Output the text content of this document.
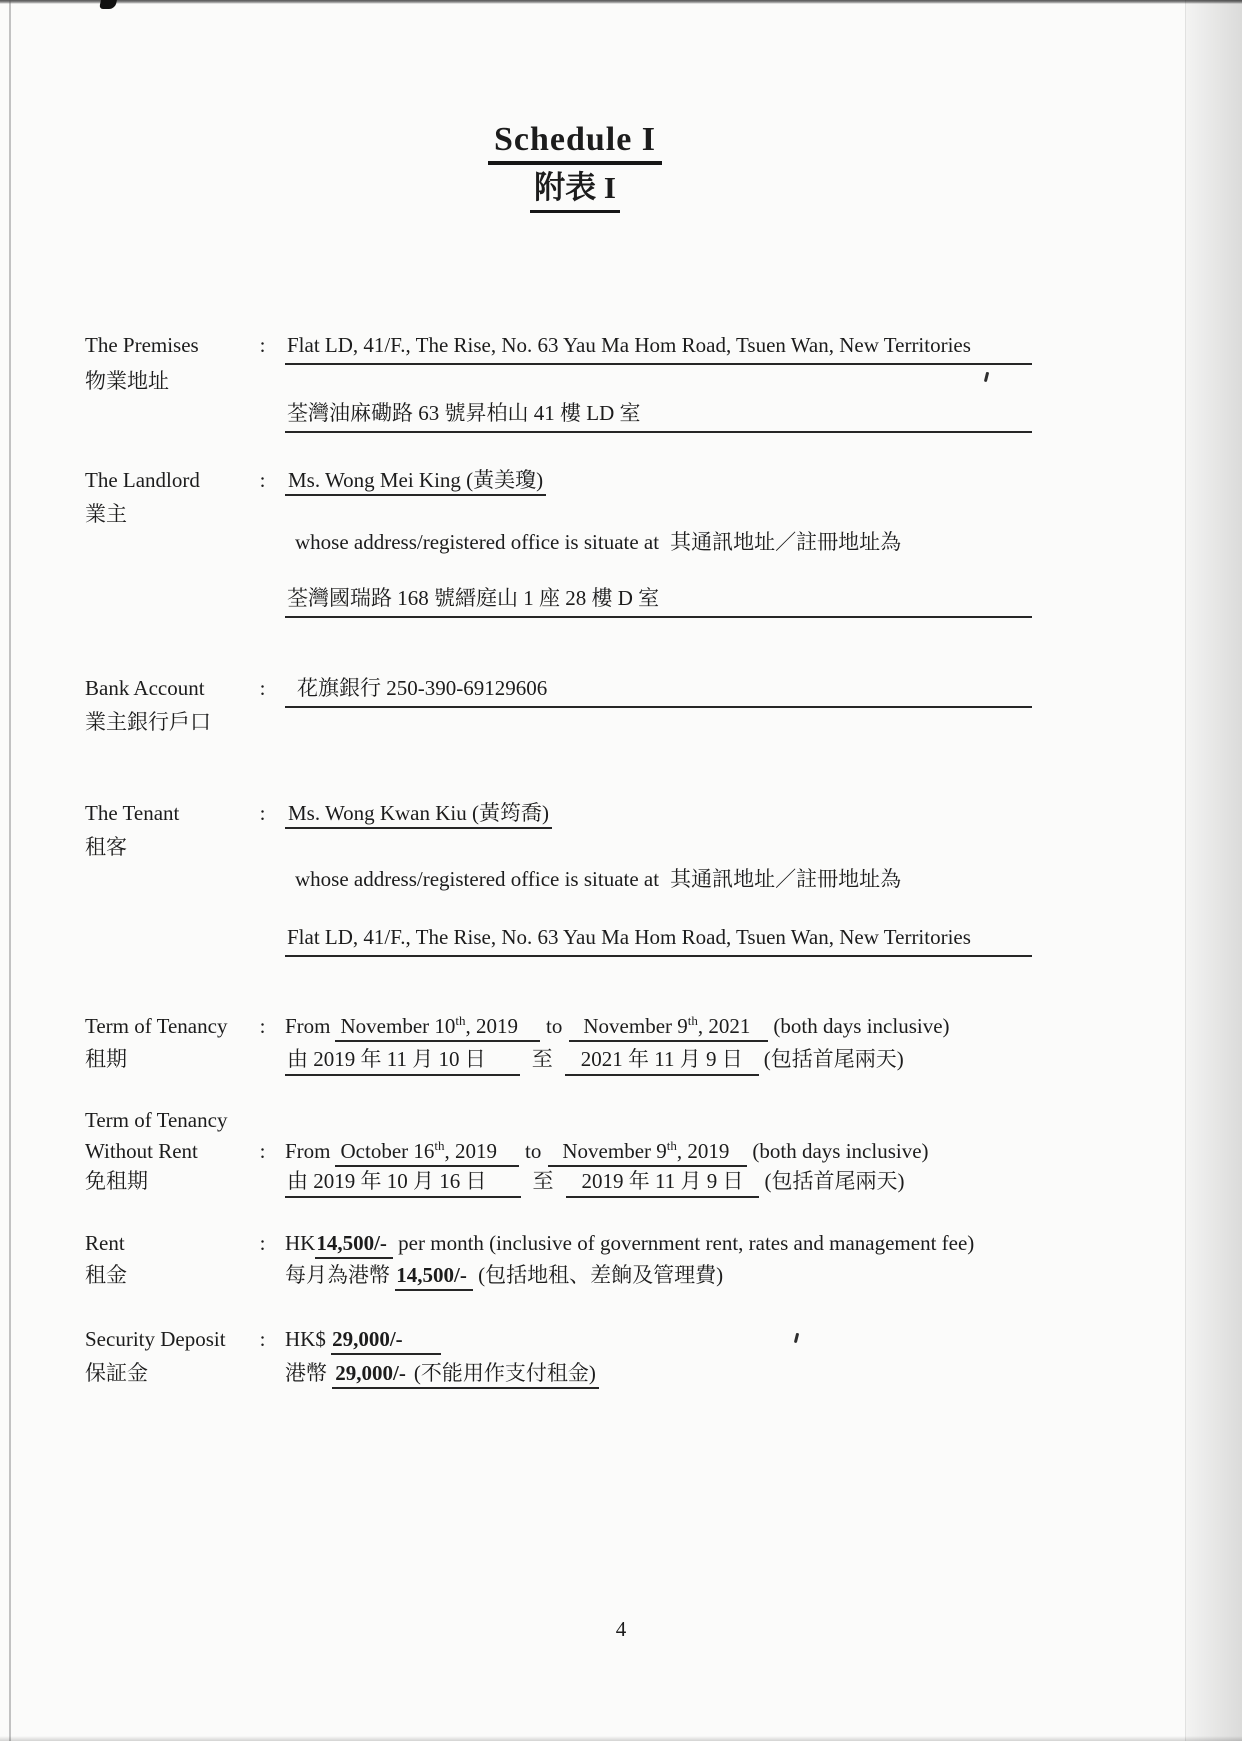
Schedule I
附表 I
The Premises	:	Flat LD, 41/F., The Rise, No. 63 Yau Ma Hom Road, Tsuen Wan, New Territories
物業地址
荃灣油麻磡路 63 號昇柏山 41 樓 LD 室
The Landlord	:	Ms. Wong Mei King (黃美瓊)
業主
whose address/registered office is situate at 其通訊地址／註冊地址為
荃灣國瑞路 168 號縉庭山 1 座 28 樓 D 室
Bank Account	:	花旗銀行 250-390-69129606
業主銀行戶口
The Tenant	:	Ms. Wong Kwan Kiu (黃筠喬)
租客
whose address/registered office is situate at 其通訊地址／註冊地址為
Flat LD, 41/F., The Rise, No. 63 Yau Ma Hom Road, Tsuen Wan, New Territories
Term of Tenancy	: From November 10th, 2019 to November 9th, 2021 (both days inclusive)
租期	由 2019 年 11 月 10 日 至 2021 年 11 月 9 日 (包括首尾兩天)
Term of Tenancy
Without Rent	: From October 16th, 2019 to November 9th, 2019 (both days inclusive)
免租期	由 2019 年 10 月 16 日 至 2019 年 11 月 9 日 (包括首尾兩天)
Rent	: HK14,500/- per month (inclusive of government rent, rates and management fee)
租金	每月為港幣 14,500/- (包括地租、差餉及管理費)
Security Deposit	: HK$ 29,000/-
保証金	港幣 29,000/- (不能用作支付租金)
4
